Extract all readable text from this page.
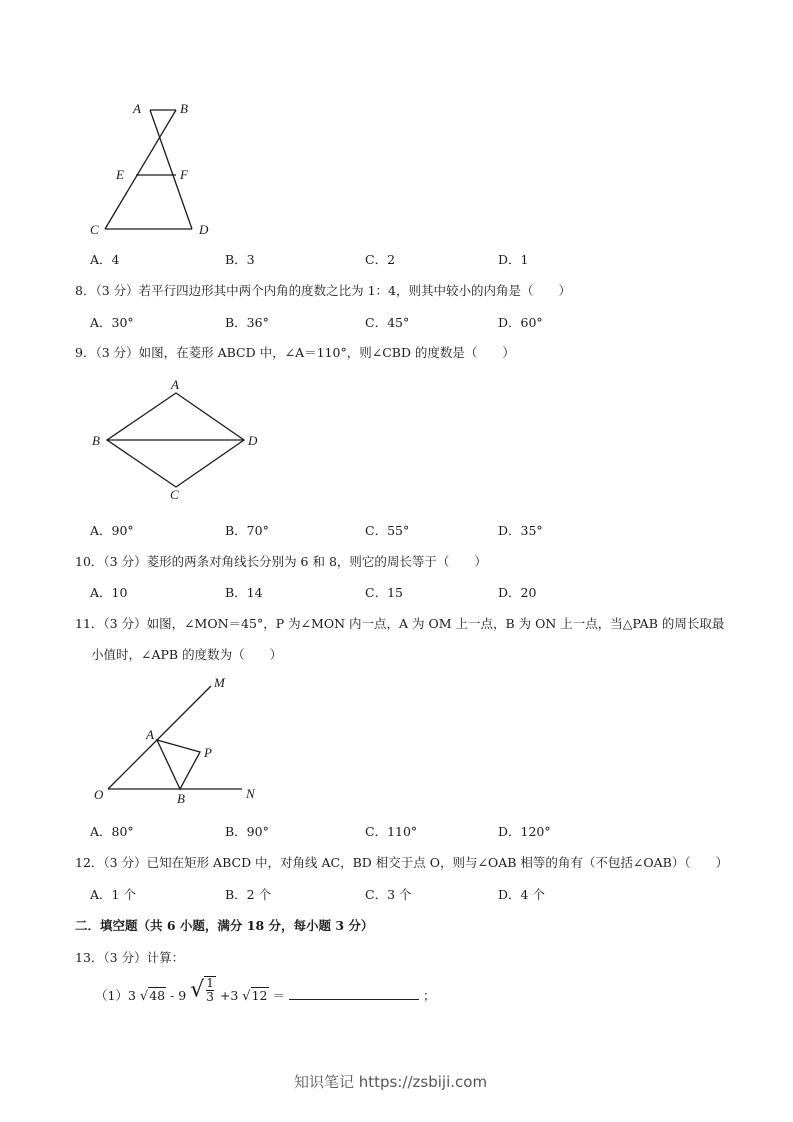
A	B
E	F
C	D
A．4	B．3	C．2	D．1
8．（3 分）若平行四边形其中两个内角的度数之比为 1：4，则其中较小的内角是（　　）
A．30°	B．36°	C．45°	D．60°
9．（3 分）如图，在菱形 ABCD 中，∠A＝110°，则∠CBD 的度数是（　　）
A
B	D
C
A．90°	B．70°	C．55°	D．35°
10．（3 分）菱形的两条对角线长分别为 6 和 8，则它的周长等于（　　）
A．10	B．14	C．15	D．20
11．（3 分）如图，∠MON＝45°，P 为∠MON 内一点，A 为 OM 上一点，B 为 ON 上一点，当△PAB 的周长取最
小值时，∠APB 的度数为（　　）
M
A
P
O	B	N
A．80°	B．90°	C．110°	D．120°
12．（3 分）已知在矩形 ABCD 中，对角线 AC，BD 相交于点 O，则与∠OAB 相等的角有（不包括∠OAB）（　　）
A．1 个	B．2 个	C．3 个	D．4 个
二．填空题（共 6 小题，满分 18 分，每小题 3 分）
13．（3 分）计算：
（1）3 √48 - 9 √ $\frac{1}{3} +3$ √12 ＝	；
知识笔记 https://zsbiji.com
